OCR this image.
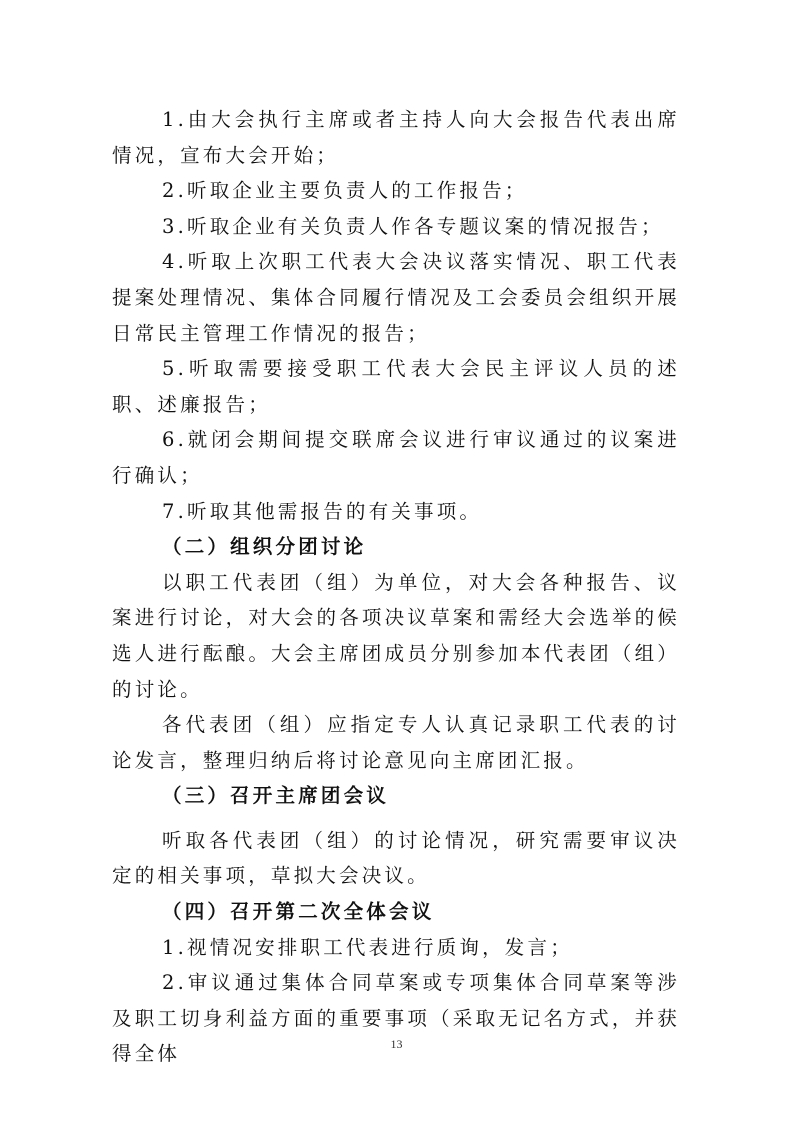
1.由大会执行主席或者主持人向大会报告代表出席情况，宣布大会开始；

2.听取企业主要负责人的工作报告；

3.听取企业有关负责人作各专题议案的情况报告；

4.听取上次职工代表大会决议落实情况、职工代表提案处理情况、集体合同履行情况及工会委员会组织开展日常民主管理工作情况的报告；

5.听取需要接受职工代表大会民主评议人员的述职、述廉报告；

6.就闭会期间提交联席会议进行审议通过的议案进行确认；

7.听取其他需报告的有关事项。

（二）组织分团讨论

以职工代表团（组）为单位，对大会各种报告、议案进行讨论，对大会的各项决议草案和需经大会选举的候选人进行酝酿。大会主席团成员分别参加本代表团（组）的讨论。

各代表团（组）应指定专人认真记录职工代表的讨论发言，整理归纳后将讨论意见向主席团汇报。

（三）召开主席团会议

听取各代表团（组）的讨论情况，研究需要审议决定的相关事项，草拟大会决议。

（四）召开第二次全体会议

1.视情况安排职工代表进行质询，发言；

2.审议通过集体合同草案或专项集体合同草案等涉及职工切身利益方面的重要事项（采取无记名方式，并获得全体	13
